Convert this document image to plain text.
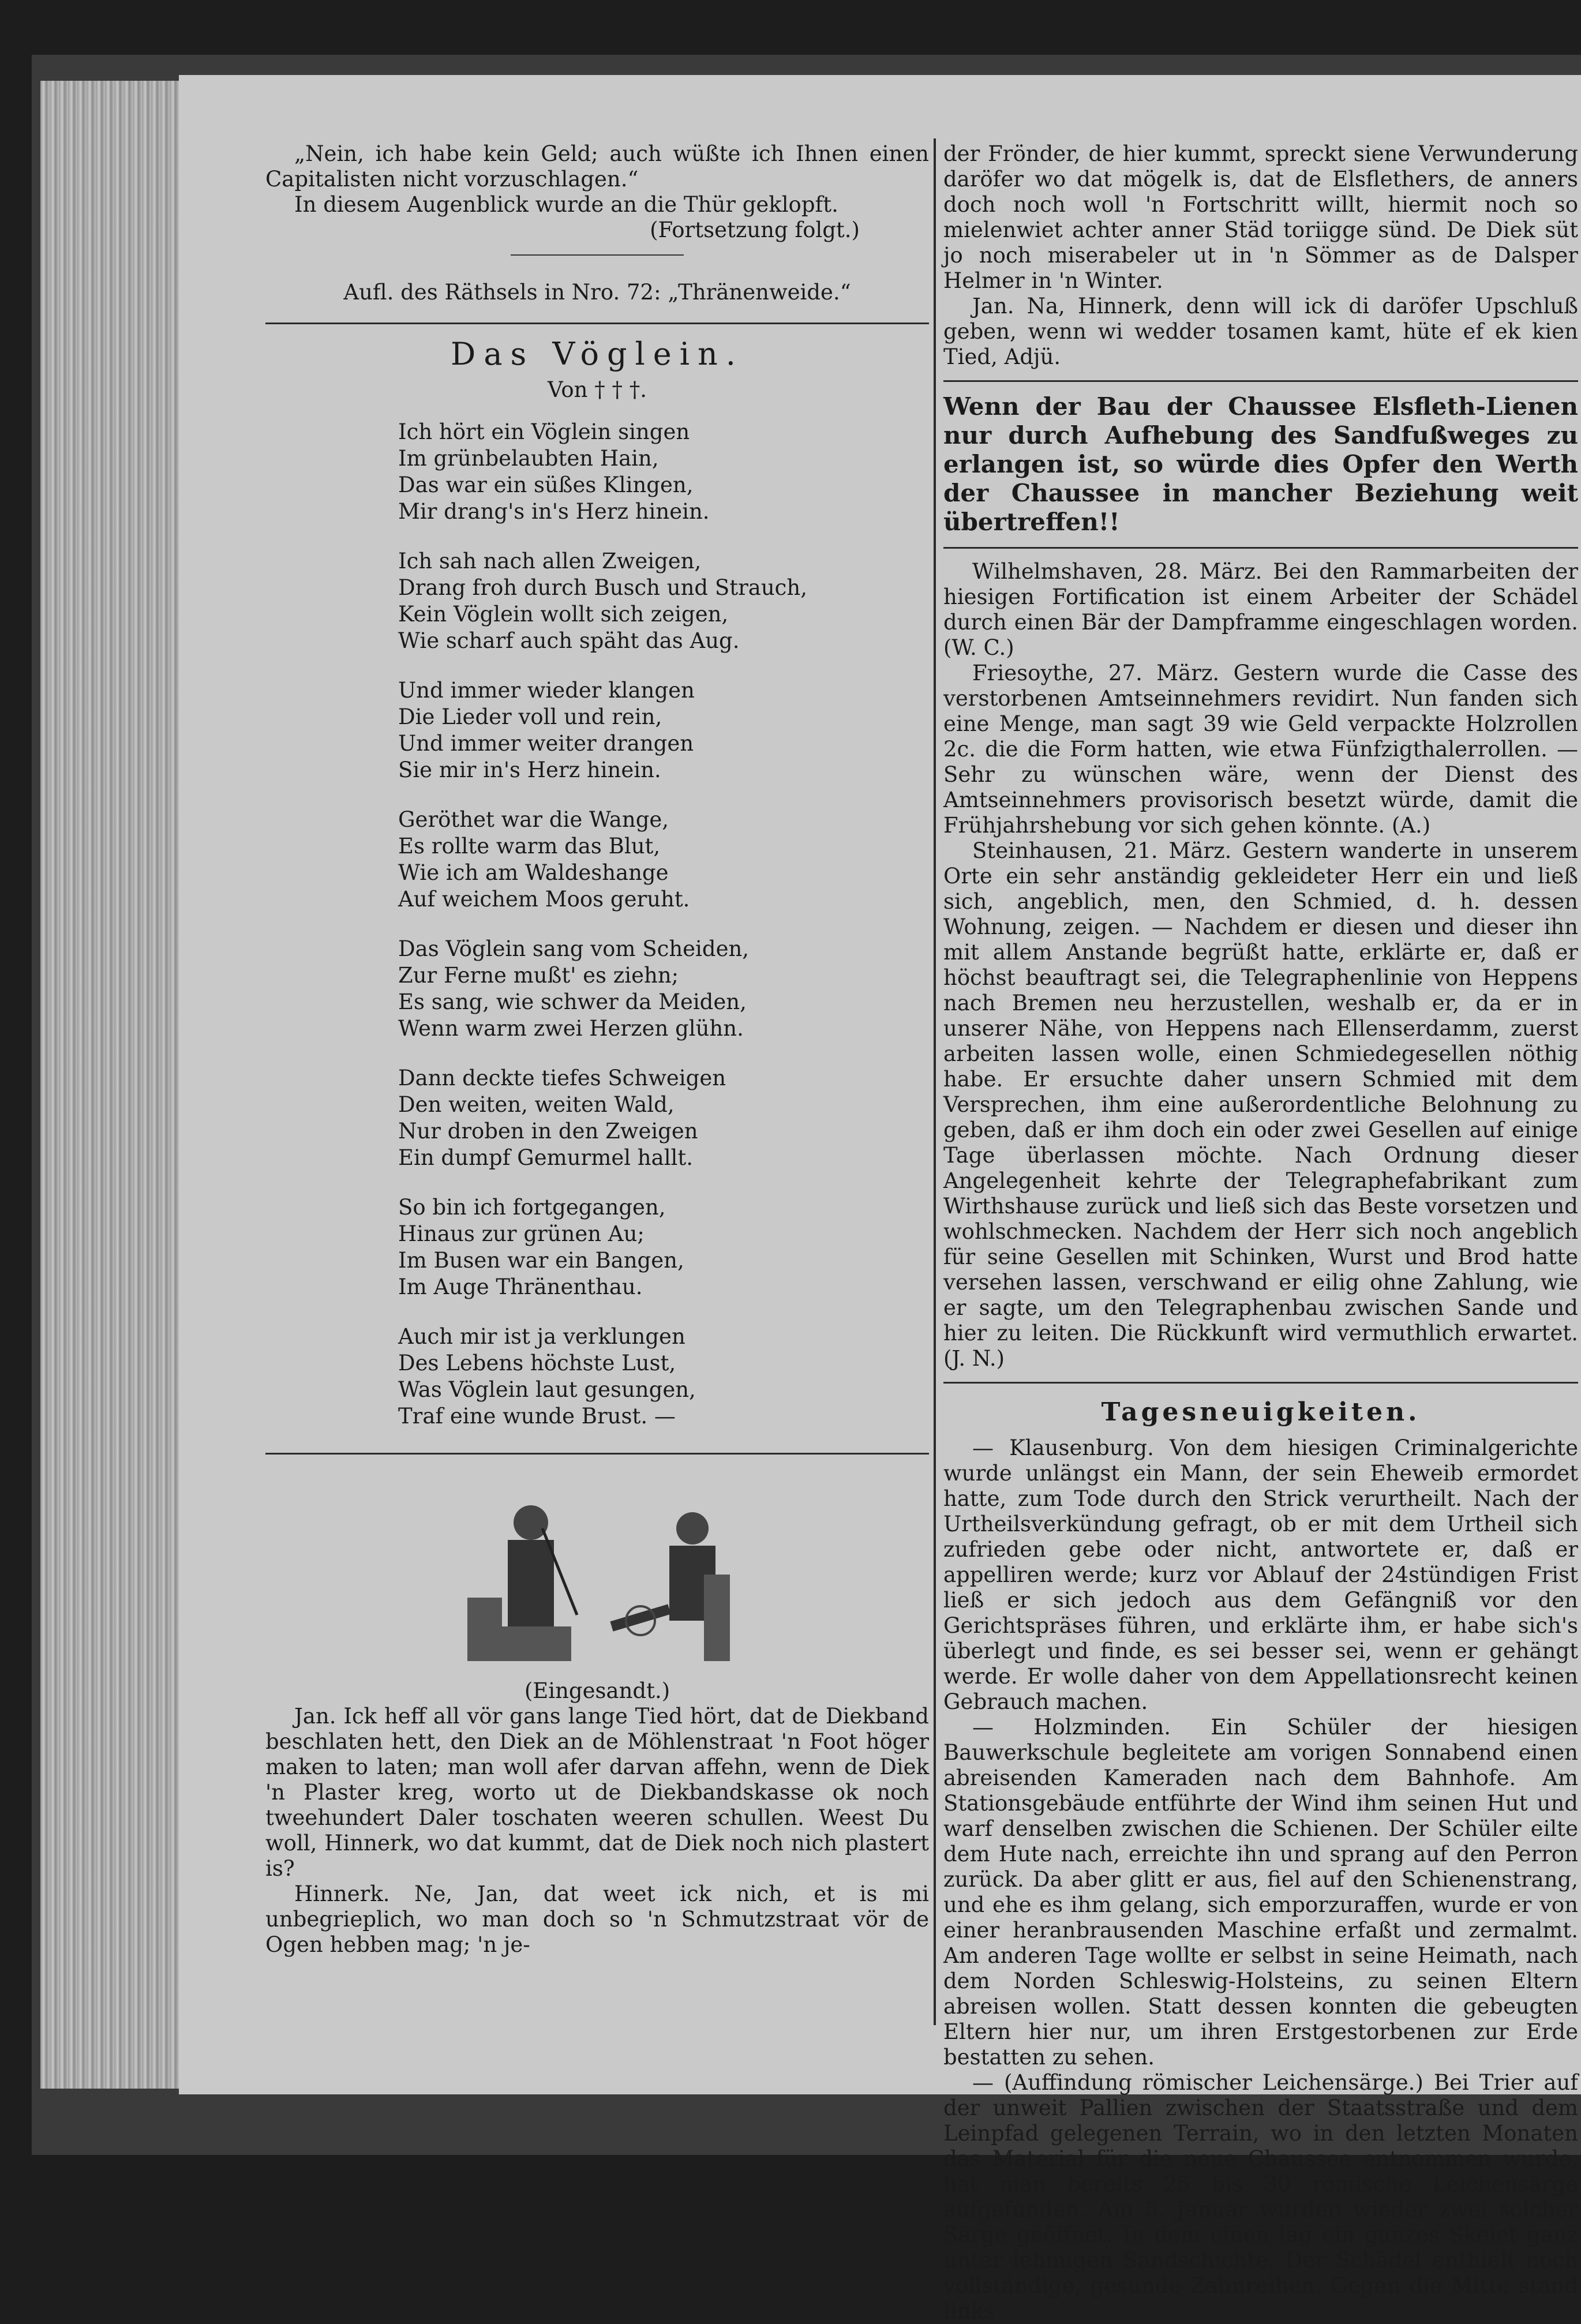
„Nein, ich habe kein Geld; auch wüßte ich Ihnen einen Capitalisten nicht vorzuschlagen.“

In diesem Augenblick wurde an die Thür geklopft.

(Fortsetzung folgt.)

Aufl. des Räthsels in Nro. 72: „Thränenweide.“

Das Vöglein.

Von † † †.

Ich hört ein Vöglein singen
Im grünbelaubten Hain,
Das war ein süßes Klingen,
Mir drang's in's Herz hinein.
Ich sah nach allen Zweigen,
Drang froh durch Busch und Strauch,
Kein Vöglein wollt sich zeigen,
Wie scharf auch späht das Aug.
Und immer wieder klangen
Die Lieder voll und rein,
Und immer weiter drangen
Sie mir in's Herz hinein.
Geröthet war die Wange,
Es rollte warm das Blut,
Wie ich am Waldeshange
Auf weichem Moos geruht.
Das Vöglein sang vom Scheiden,
Zur Ferne mußt' es ziehn;
Es sang, wie schwer da Meiden,
Wenn warm zwei Herzen glühn.
Dann deckte tiefes Schweigen
Den weiten, weiten Wald,
Nur droben in den Zweigen
Ein dumpf Gemurmel hallt.
So bin ich fortgegangen,
Hinaus zur grünen Au;
Im Busen war ein Bangen,
Im Auge Thränenthau.
Auch mir ist ja verklungen
Des Lebens höchste Lust,
Was Vöglein laut gesungen,
Traf eine wunde Brust. —

(Eingesandt.)

Jan. Ick heff all vör gans lange Tied hört, dat de Diekband beschlaten hett, den Diek an de Möhlenstraat 'n Foot höger maken to laten; man woll afer darvan affehn, wenn de Diek 'n Plaster kreg, worto ut de Diekbandskasse ok noch tweehundert Daler toschaten weeren schullen. Weest Du woll, Hinnerk, wo dat kummt, dat de Diek noch nich plastert is?

Hinnerk. Ne, Jan, dat weet ick nich, et is mi unbegrieplich, wo man doch so 'n Schmutzstraat vör de Ogen hebben mag; 'n je-

der Frönder, de hier kummt, spreckt siene Verwunderung daröfer wo dat mögelk is, dat de Elsflethers, de anners doch noch woll 'n Fortschritt willt, hiermit noch so mielenwiet achter anner Städ toriigge sünd. De Diek süt jo noch miserabeler ut in 'n Sömmer as de Dalsper Helmer in 'n Winter.

Jan. Na, Hinnerk, denn will ick di daröfer Upschluß geben, wenn wi wedder tosamen kamt, hüte ef ek kien Tied, Adjü.

Wenn der Bau der Chaussee Elsfleth-Lienen nur durch Aufhebung des Sandfußweges zu erlangen ist, so würde dies Opfer den Werth der Chaussee in mancher Beziehung weit übertreffen!!

Wilhelmshaven, 28. März. Bei den Rammarbeiten der hiesigen Fortification ist einem Arbeiter der Schädel durch einen Bär der Dampframme eingeschlagen worden. (W. C.)

Friesoythe, 27. März. Gestern wurde die Casse des verstorbenen Amtseinnehmers revidirt. Nun fanden sich eine Menge, man sagt 39 wie Geld verpackte Holzrollen 2c. die die Form hatten, wie etwa Fünfzigthalerrollen. — Sehr zu wünschen wäre, wenn der Dienst des Amtseinnehmers provisorisch besetzt würde, damit die Frühjahrshebung vor sich gehen könnte. (A.)

Steinhausen, 21. März. Gestern wanderte in unserem Orte ein sehr anständig gekleideter Herr ein und ließ sich, angeblich, men, den Schmied, d. h. dessen Wohnung, zeigen. — Nachdem er diesen und dieser ihn mit allem Anstande begrüßt hatte, erklärte er, daß er höchst beauftragt sei, die Telegraphenlinie von Heppens nach Bremen neu herzustellen, weshalb er, da er in unserer Nähe, von Heppens nach Ellenserdamm, zuerst arbeiten lassen wolle, einen Schmiedegesellen nöthig habe. Er ersuchte daher unsern Schmied mit dem Versprechen, ihm eine außerordentliche Belohnung zu geben, daß er ihm doch ein oder zwei Gesellen auf einige Tage überlassen möchte. Nach Ordnung dieser Angelegenheit kehrte der Telegraphefabrikant zum Wirthshause zurück und ließ sich das Beste vorsetzen und wohlschmecken. Nachdem der Herr sich noch angeblich für seine Gesellen mit Schinken, Wurst und Brod hatte versehen lassen, verschwand er eilig ohne Zahlung, wie er sagte, um den Telegraphenbau zwischen Sande und hier zu leiten. Die Rückkunft wird vermuthlich erwartet. (J. N.)

Tagesneuigkeiten.

— Klausenburg. Von dem hiesigen Criminalgerichte wurde unlängst ein Mann, der sein Eheweib ermordet hatte, zum Tode durch den Strick verurtheilt. Nach der Urtheilsverkündung gefragt, ob er mit dem Urtheil sich zufrieden gebe oder nicht, antwortete er, daß er appelliren werde; kurz vor Ablauf der 24stündigen Frist ließ er sich jedoch aus dem Gefängniß vor den Gerichtspräses führen, und erklärte ihm, er habe sich's überlegt und finde, es sei besser sei, wenn er gehängt werde. Er wolle daher von dem Appellationsrecht keinen Gebrauch machen.

— Holzminden. Ein Schüler der hiesigen Bauwerkschule begleitete am vorigen Sonnabend einen abreisenden Kameraden nach dem Bahnhofe. Am Stationsgebäude entführte der Wind ihm seinen Hut und warf denselben zwischen die Schienen. Der Schüler eilte dem Hute nach, erreichte ihn und sprang auf den Perron zurück. Da aber glitt er aus, fiel auf den Schienenstrang, und ehe es ihm gelang, sich emporzuraffen, wurde er von einer heranbrausenden Maschine erfaßt und zermalmt. Am anderen Tage wollte er selbst in seine Heimath, nach dem Norden Schleswig-Holsteins, zu seinen Eltern abreisen wollen. Statt dessen konnten die gebeugten Eltern hier nur, um ihren Erstgestorbenen zur Erde bestatten zu sehen.

— (Auffindung römischer Leichensärge.) Bei Trier auf der unweit Pallien zwischen der Staatsstraße und dem Leinpfad gelegenen Terrain, wo in den letzten Monaten das Material für die neue Chaussee entnommen wurde, hat man bereits 25 bis 30 römische Leichensärge aufgefunden. Am 5. Januar wurden wieder zwei solcher Särge geöffnet. In dem einen lag ein ganzes Skelet ganz unter lehmigen Sandschichte. Der Schädel enthielt noch vollständige, gesunde Zahnreihen. Gegen die Mitte stand links
